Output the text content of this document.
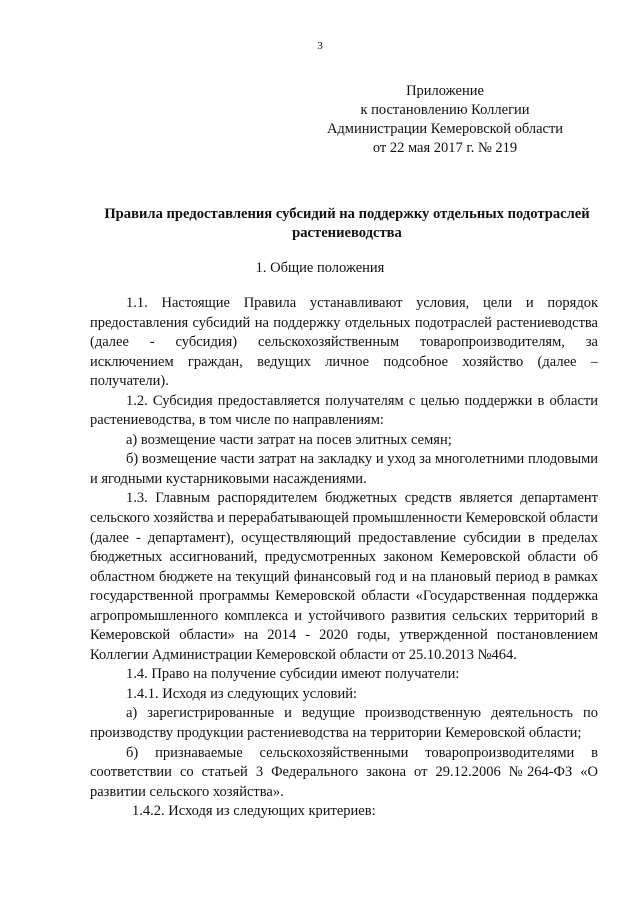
3
Приложение
к постановлению Коллегии
Администрации Кемеровской области
от 22 мая 2017 г. № 219
Правила предоставления субсидий на поддержку отдельных подотраслей
растениеводства
1. Общие положения

1.1. Настоящие Правила устанавливают условия, цели и порядок предоставления субсидий на поддержку отдельных подотраслей растениеводства (далее - субсидия) сельскохозяйственным товаропроизводителям, за исключением граждан, ведущих личное подсобное хозяйство (далее – получатели).

1.2. Субсидия предоставляется получателям с целью поддержки в области растениеводства, в том числе по направлениям:

а) возмещение части затрат на посев элитных семян;

б) возмещение части затрат на закладку и уход за многолетними плодовыми и ягодными кустарниковыми насаждениями.

1.3. Главным распорядителем бюджетных средств является департамент сельского хозяйства и перерабатывающей промышленности Кемеровской области (далее - департамент), осуществляющий предоставление субсидии в пределах бюджетных ассигнований, предусмотренных законом Кемеровской области об областном бюджете на текущий финансовый год и на плановый период в рамках государственной программы Кемеровской области «Государственная поддержка агропромышленного комплекса и устойчивого развития сельских территорий в Кемеровской области» на 2014 - 2020 годы, утвержденной постановлением Коллегии Администрации Кемеровской области от 25.10.2013 №464.

1.4. Право на получение субсидии имеют получатели:

1.4.1. Исходя из следующих условий:

а) зарегистрированные и ведущие производственную деятельность по производству продукции растениеводства на территории Кемеровской области;

б) признаваемые сельскохозяйственными товаропроизводителями в соответствии со статьей 3 Федерального закона от 29.12.2006 №264-ФЗ «О развитии сельского хозяйства».

1.4.2. Исходя из следующих критериев:
